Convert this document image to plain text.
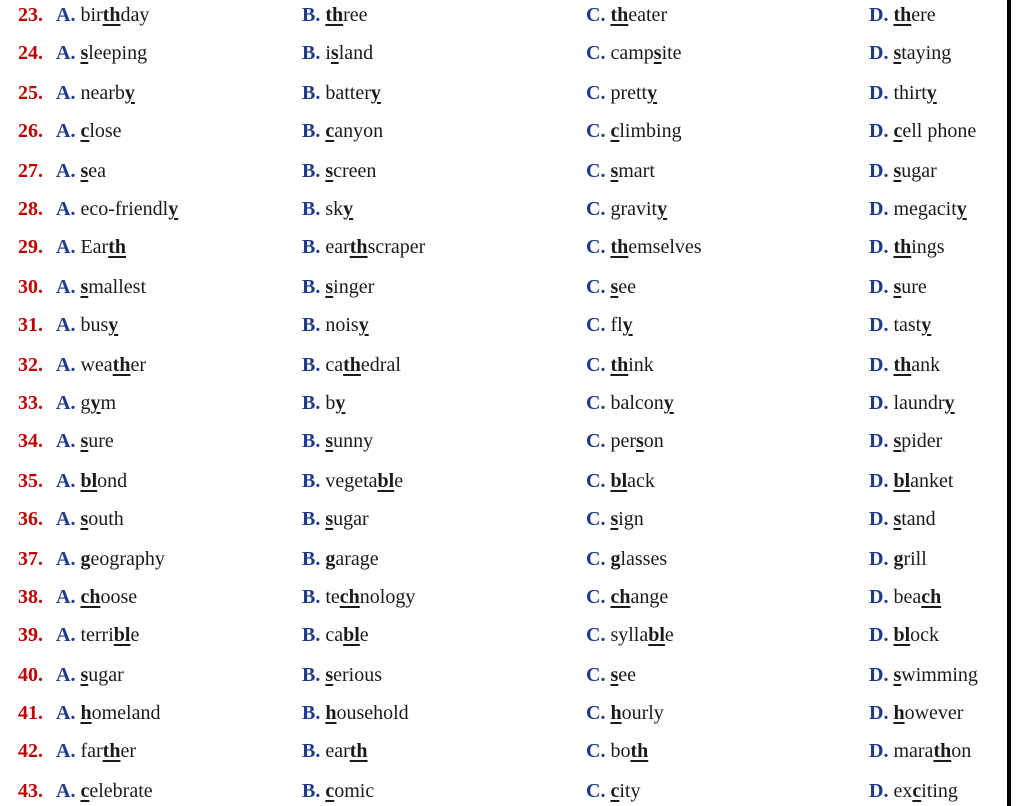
23. A. birthday	B. three	C. theater	D. there
24. A. sleeping	B. island	C. campsite	D. staying
25. A. nearby	B. battery	C. pretty	D. thirty
26. A. close	B. canyon	C. climbing	D. cell phone
27. A. sea	B. screen	C. smart	D. sugar
28. A. eco-friendly	B. sky	C. gravity	D. megacity
29. A. Earth	B. earthscraper	C. themselves	D. things
30. A. smallest	B. singer	C. see	D. sure
31. A. busy	B. noisy	C. fly	D. tasty
32. A. weather	B. cathedral	C. think	D. thank
33. A. gym	B. by	C. balcony	D. laundry
34. A. sure	B. sunny	C. person	D. spider
35. A. blond	B. vegetable	C. black	D. blanket
36. A. south	B. sugar	C. sign	D. stand
37. A. geography	B. garage	C. glasses	D. grill
38. A. choose	B. technology	C. change	D. beach
39. A. terrible	B. cable	C. syllable	D. block
40. A. sugar	B. serious	C. see	D. swimming
41. A. homeland	B. household	C. hourly	D. however
42. A. farther	B. earth	C. both	D. marathon
43. A. celebrate	B. comic	C. city	D. exciting
